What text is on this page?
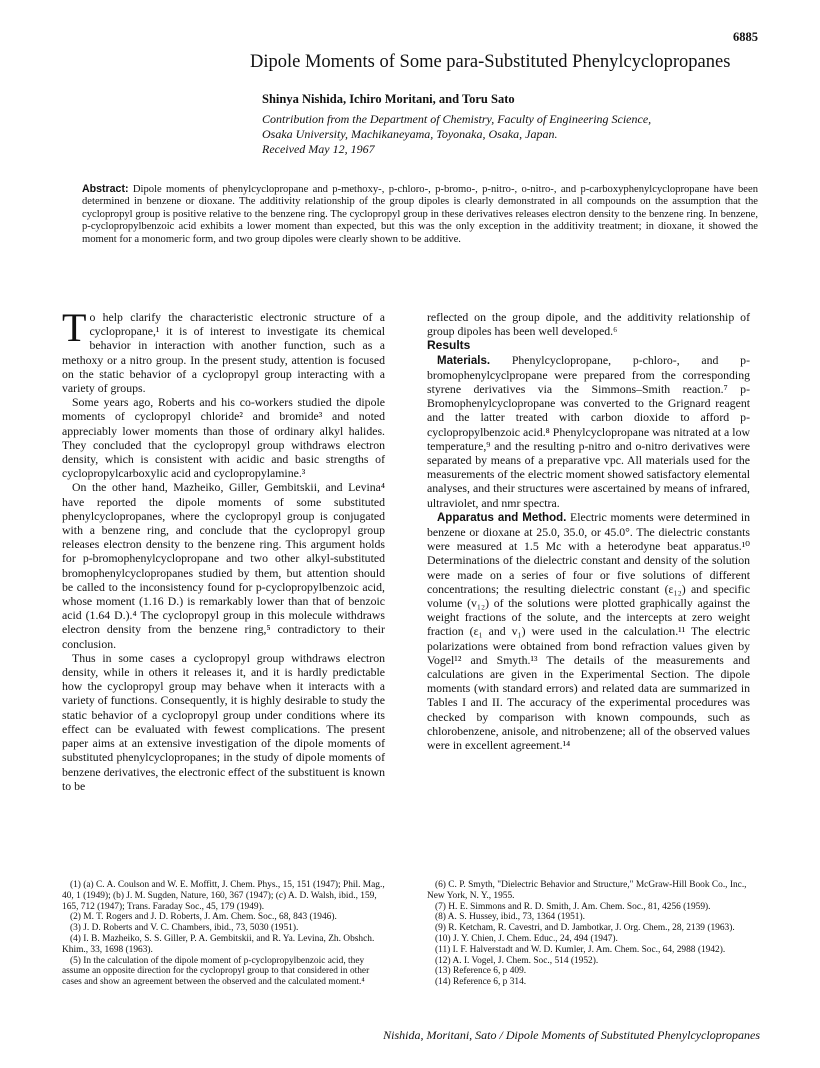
6885
Dipole Moments of Some para-Substituted Phenylcyclopropanes
Shinya Nishida, Ichiro Moritani, and Toru Sato
Contribution from the Department of Chemistry, Faculty of Engineering Science,
Osaka University, Machikaneyama, Toyonaka, Osaka, Japan.
Received May 12, 1967
Abstract: Dipole moments of phenylcyclopropane and p-methoxy-, p-chloro-, p-bromo-, p-nitro-, o-nitro-, and p-carboxyphenylcyclopropane have been determined in benzene or dioxane. The additivity relationship of the group dipoles is clearly demonstrated in all compounds on the assumption that the cyclopropyl group is positive relative to the benzene ring. The cyclopropyl group in these derivatives releases electron density to the benzene ring. In benzene, p-cyclopropylbenzoic acid exhibits a lower moment than expected, but this was the only exception in the additivity treatment; in dioxane, it showed the moment for a monomeric form, and two group dipoles were clearly shown to be additive.

To help clarify the characteristic electronic structure of a cyclopropane,¹ it is of interest to investigate its chemical behavior in interaction with another function, such as a methoxy or a nitro group. In the present study, attention is focused on the static behavior of a cyclopropyl group interacting with a variety of groups.

Some years ago, Roberts and his co-workers studied the dipole moments of cyclopropyl chloride² and bromide³ and noted appreciably lower moments than those of ordinary alkyl halides. They concluded that the cyclopropyl group withdraws electron density, which is consistent with acidic and basic strengths of cyclopropylcarboxylic acid and cyclopropylamine.³

On the other hand, Mazheiko, Giller, Gembitskii, and Levina⁴ have reported the dipole moments of some substituted phenylcyclopropanes, where the cyclopropyl group is conjugated with a benzene ring, and conclude that the cyclopropyl group releases electron density to the benzene ring. This argument holds for p-bromophenylcyclopropane and two other alkyl-substituted bromophenylcyclopropanes studied by them, but attention should be called to the inconsistency found for p-cyclopropylbenzoic acid, whose moment (1.16 D.) is remarkably lower than that of benzoic acid (1.64 D.).⁴ The cyclopropyl group in this molecule withdraws electron density from the benzene ring,⁵ contradictory to their conclusion.

Thus in some cases a cyclopropyl group withdraws electron density, while in others it releases it, and it is hardly predictable how the cyclopropyl group may behave when it interacts with a variety of functions. Consequently, it is highly desirable to study the static behavior of a cyclopropyl group under conditions where its effect can be evaluated with fewest complications. The present paper aims at an extensive investigation of the dipole moments of substituted phenylcyclopropanes; in the study of dipole moments of benzene derivatives, the electronic effect of the substituent is known to be

reflected on the group dipole, and the additivity relationship of group dipoles has been well developed.⁶

Results

Materials. Phenylcyclopropane, p-chloro-, and p-bromophenylcyclpropane were prepared from the corresponding styrene derivatives via the Simmons–Smith reaction.⁷ p-Bromophenylcyclopropane was converted to the Grignard reagent and the latter treated with carbon dioxide to afford p-cyclopropylbenzoic acid.⁸ Phenylcyclopropane was nitrated at a low temperature,⁹ and the resulting p-nitro and o-nitro derivatives were separated by means of a preparative vpc. All materials used for the measurements of the electric moment showed satisfactory elemental analyses, and their structures were ascertained by means of infrared, ultraviolet, and nmr spectra.

Apparatus and Method. Electric moments were determined in benzene or dioxane at 25.0, 35.0, or 45.0°. The dielectric constants were measured at 1.5 Mc with a heterodyne beat apparatus.¹⁰ Determinations of the dielectric constant and density of the solution were made on a series of four or five solutions of different concentrations; the resulting dielectric constant (ε₁₂) and specific volume (v₁₂) of the solutions were plotted graphically against the weight fractions of the solute, and the intercepts at zero weight fraction (ε₁ and v₁) were used in the calculation.¹¹ The electric polarizations were obtained from bond refraction values given by Vogel¹² and Smyth.¹³ The details of the measurements and calculations are given in the Experimental Section. The dipole moments (with standard errors) and related data are summarized in Tables I and II. The accuracy of the experimental procedures was checked by comparison with known compounds, such as chlorobenzene, anisole, and nitrobenzene; all of the observed values were in excellent agreement.¹⁴

(1) (a) C. A. Coulson and W. E. Moffitt, J. Chem. Phys., 15, 151 (1947); Phil. Mag., 40, 1 (1949); (b) J. M. Sugden, Nature, 160, 367 (1947); (c) A. D. Walsh, ibid., 159, 165, 712 (1947); Trans. Faraday Soc., 45, 179 (1949).
(2) M. T. Rogers and J. D. Roberts, J. Am. Chem. Soc., 68, 843 (1946).
(3) J. D. Roberts and V. C. Chambers, ibid., 73, 5030 (1951).
(4) I. B. Mazheiko, S. S. Giller, P. A. Gembitskii, and R. Ya. Levina, Zh. Obshch. Khim., 33, 1698 (1963).
(5) In the calculation of the dipole moment of p-cyclopropylbenzoic acid, they assume an opposite direction for the cyclopropyl group to that considered in other cases and show an agreement between the observed and the calculated moment.⁴
(6) C. P. Smyth, "Dielectric Behavior and Structure," McGraw-Hill Book Co., Inc., New York, N. Y., 1955.
(7) H. E. Simmons and R. D. Smith, J. Am. Chem. Soc., 81, 4256 (1959).
(8) A. S. Hussey, ibid., 73, 1364 (1951).
(9) R. Ketcham, R. Cavestri, and D. Jambotkar, J. Org. Chem., 28, 2139 (1963).
(10) J. Y. Chien, J. Chem. Educ., 24, 494 (1947).
(11) I. F. Halverstadt and W. D. Kumler, J. Am. Chem. Soc., 64, 2988 (1942).
(12) A. I. Vogel, J. Chem. Soc., 514 (1952).
(13) Reference 6, p 409.
(14) Reference 6, p 314.
Nishida, Moritani, Sato / Dipole Moments of Substituted Phenylcyclopropanes
